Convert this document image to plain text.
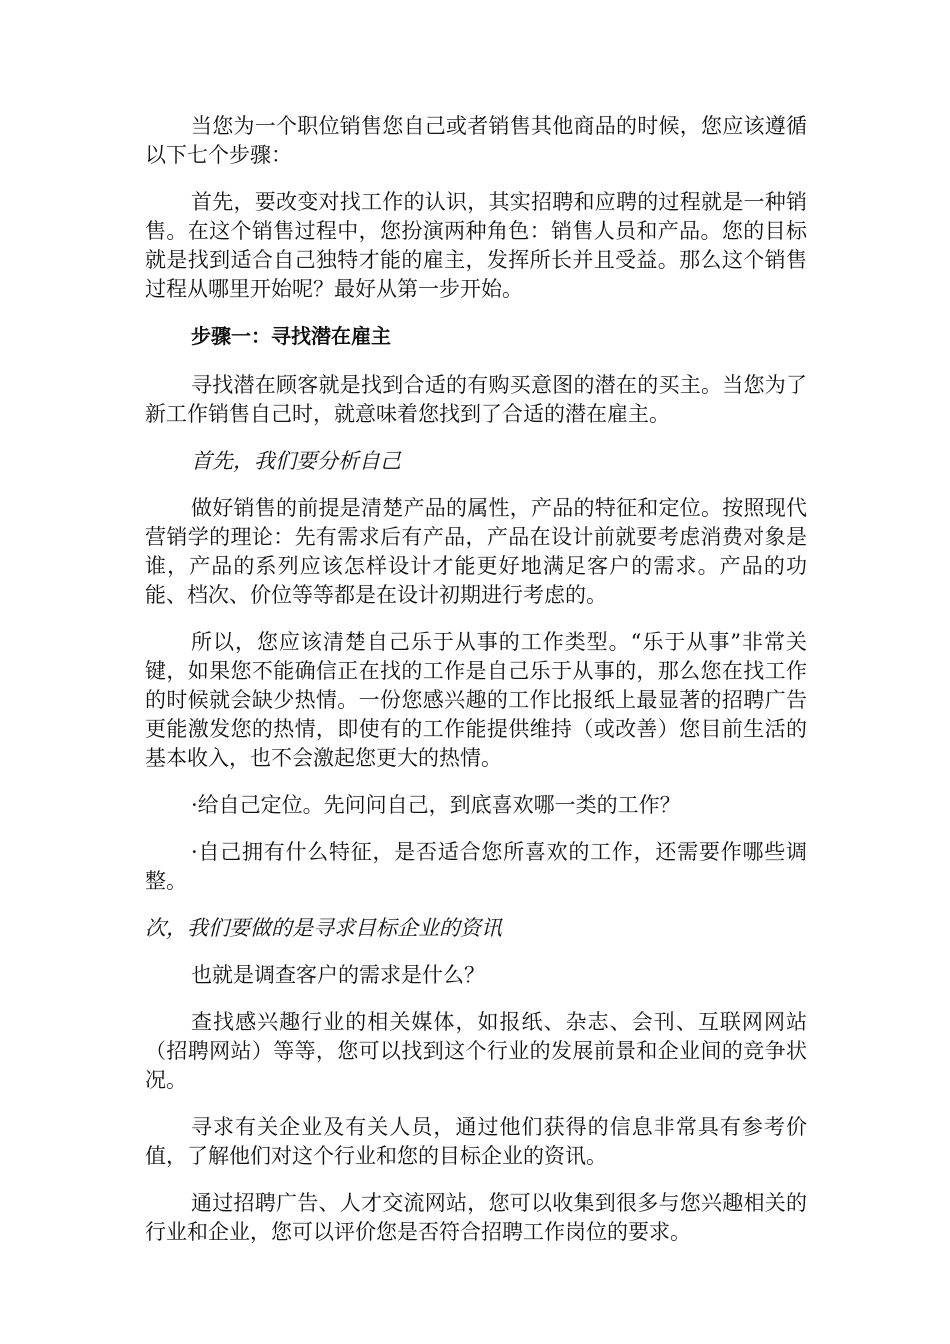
当您为一个职位销售您自己或者销售其他商品的时候，您应该遵循以下七个步骤：

首先，要改变对找工作的认识，其实招聘和应聘的过程就是一种销售。在这个销售过程中，您扮演两种角色：销售人员和产品。您的目标就是找到适合自己独特才能的雇主，发挥所长并且受益。那么这个销售过程从哪里开始呢？最好从第一步开始。

步骤一：寻找潜在雇主

寻找潜在顾客就是找到合适的有购买意图的潜在的买主。当您为了新工作销售自己时，就意味着您找到了合适的潜在雇主。

首先，我们要分析自己

做好销售的前提是清楚产品的属性，产品的特征和定位。按照现代营销学的理论：先有需求后有产品，产品在设计前就要考虑消费对象是谁，产品的系列应该怎样设计才能更好地满足客户的需求。产品的功能、档次、价位等等都是在设计初期进行考虑的。

所以，您应该清楚自己乐于从事的工作类型。“乐于从事”非常关键，如果您不能确信正在找的工作是自己乐于从事的，那么您在找工作的时候就会缺少热情。一份您感兴趣的工作比报纸上最显著的招聘广告更能激发您的热情，即使有的工作能提供维持（或改善）您目前生活的基本收入，也不会激起您更大的热情。

·给自己定位。先问问自己，到底喜欢哪一类的工作？

·自己拥有什么特征，是否适合您所喜欢的工作，还需要作哪些调整。

次，我们要做的是寻求目标企业的资讯

也就是调查客户的需求是什么？

查找感兴趣行业的相关媒体，如报纸、杂志、会刊、互联网网站（招聘网站）等等，您可以找到这个行业的发展前景和企业间的竞争状况。

寻求有关企业及有关人员，通过他们获得的信息非常具有参考价值，了解他们对这个行业和您的目标企业的资讯。

通过招聘广告、人才交流网站，您可以收集到很多与您兴趣相关的行业和企业，您可以评价您是否符合招聘工作岗位的要求。
